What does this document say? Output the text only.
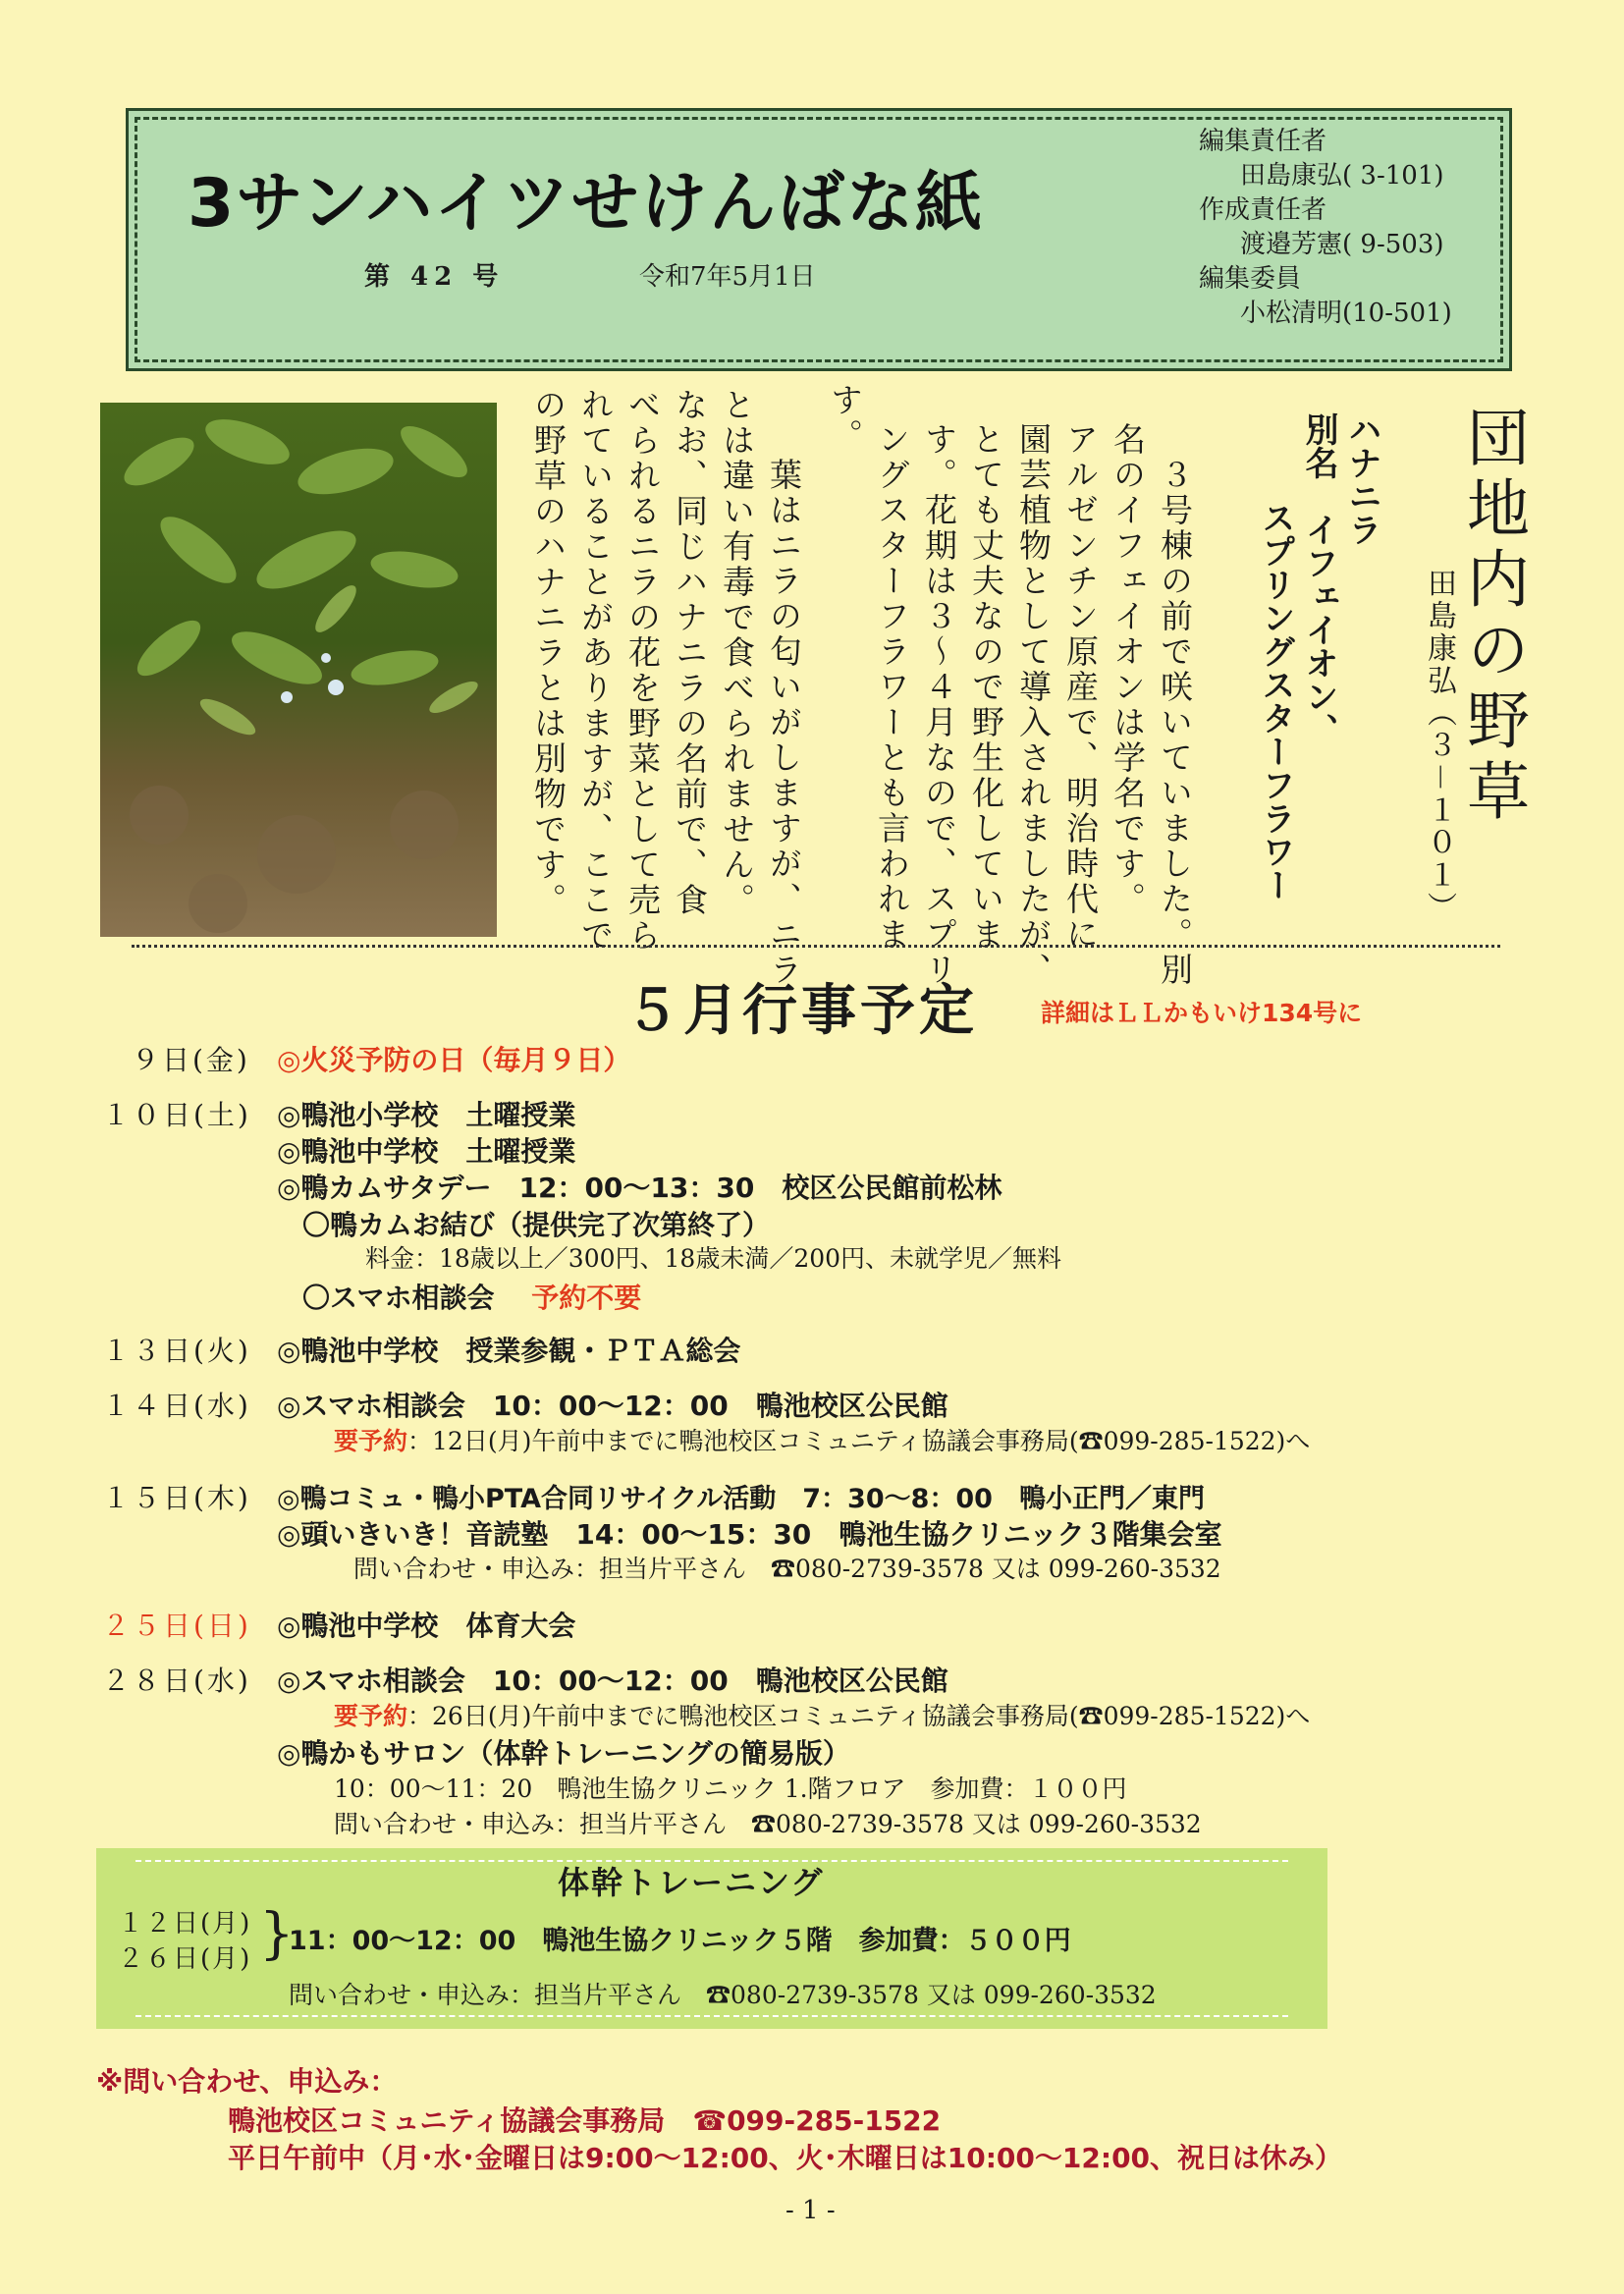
3サンハイツせけんばな紙
第 42 号	令和7年5月1日
編集責任者
田島康弘( 3-101)
作成責任者
渡邉芳憲( 9-503)
編集委員
小松清明(10-501)
団地内の野草
田島康弘（３－１０１）
ハナニラ
別名　イフェイオン、
スプリングスターフラワー
　３号棟の前で咲いていました。別
名のイフェイオンは学名です。
アルゼンチン原産で、明治時代に
園芸植物として導入されましたが、
とても丈夫なので野生化していま
す。花期は３～４月なので、スプリ
ングスターフラワーとも言われま
す。
　葉はニラの匂いがしますが、ニラ
とは違い有毒で食べられません。
なお、同じハナニラの名前で、食
べられるニラの花を野菜として売ら
れていることがありますが、ここで
の野草のハナニラとは別物です。
５月行事予定	詳細はＬＬかもいけ134号に
９日(金) ◎火災予防の日（毎月９日）
１０日(土) ◎鴨池小学校　土曜授業
◎鴨池中学校　土曜授業
◎鴨カムサタデー　12：00～13：30　校区公民館前松林
〇鴨カムお結び（提供完了次第終了）
料金：18歳以上／300円、18歳未満／200円、未就学児／無料
〇スマホ相談会 予約不要
１３日(火) ◎鴨池中学校　授業参観・ＰＴＡ総会
１４日(水) ◎スマホ相談会　10：00～12：00　鴨池校区公民館
要予約：12日(月)午前中までに鴨池校区コミュニティ協議会事務局(☎099-285-1522)へ
１５日(木) ◎鴨コミュ・鴨小PTA合同リサイクル活動　7：30～8：00　鴨小正門／東門
◎頭いきいき！音読塾　14：00～15：30　鴨池生協クリニック３階集会室
問い合わせ・申込み：担当片平さん　☎080-2739-3578 又は 099-260-3532
２５日(日) ◎鴨池中学校　体育大会
２８日(水) ◎スマホ相談会　10：00～12：00　鴨池校区公民館
要予約：26日(月)午前中までに鴨池校区コミュニティ協議会事務局(☎099-285-1522)へ
◎鴨かもサロン（体幹トレーニングの簡易版）
10：00～11：20　鴨池生協クリニック 1.階フロア　参加費：１００円
問い合わせ・申込み：担当片平さん　☎080-2739-3578 又は 099-260-3532
体幹トレーニング
１２日(月)
２６日(月) }
11：00～12：00　鴨池生協クリニック５階　参加費：５００円
問い合わせ・申込み：担当片平さん　☎080-2739-3578 又は 099-260-3532
※問い合わせ、申込み：
鴨池校区コミュニティ協議会事務局　☎099-285-1522
平日午前中（月･水･金曜日は9:00～12:00、火･木曜日は10:00～12:00、祝日は休み）
- 1 -
